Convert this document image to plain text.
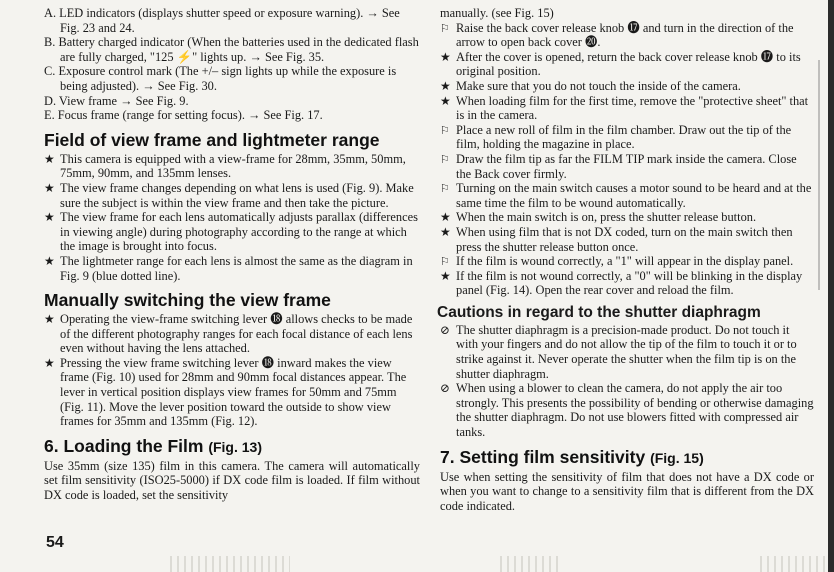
A. LED indicators (displays shutter speed or exposure warning). → See Fig. 23 and 24.
B. Battery charged indicator (When the batteries used in the dedicated flash are fully charged, "125 ⚡" lights up. → See Fig. 35.
C. Exposure control mark (The +/– sign lights up while the exposure is being adjusted). → See Fig. 30.
D. View frame → See Fig. 9.
E. Focus frame (range for setting focus). → See Fig. 17.
Field of view frame and lightmeter range
★
This camera is equipped with a view-frame for 28mm, 35mm, 50mm, 75mm, 90mm, and 135mm lenses.
★
The view frame changes depending on what lens is used (Fig. 9). Make sure the subject is within the view frame and then take the picture.
★
The view frame for each lens automatically adjusts parallax (differences in viewing angle) during photography according to the range at which the image is brought into focus.
★
The lightmeter range for each lens is almost the same as the diagram in Fig. 9 (blue dotted line).
Manually switching the view frame
★
Operating the view-frame switching lever ⓲ allows checks to be made of the different photography ranges for each focal distance of each lens even without having the lens attached.
★
Pressing the view frame switching lever ⓲ inward makes the view frame (Fig. 10) used for 28mm and 90mm focal distances appear. The lever in vertical position displays view frames for 50mm and 75mm (Fig. 11). Move the lever position toward the outside to show view frames for 35mm and 135mm (Fig. 12).
6. Loading the Film (Fig. 13)

Use 35mm (size 135) film in this camera. The camera will automatically set film sensitivity (ISO25-5000) if DX code film is loaded. If film without DX code is loaded, set the sensitivity

54

manually. (see Fig. 15)

⚐
Raise the back cover release knob ⓱ and turn in the direction of the arrow to open back cover ⓴.
★
After the cover is opened, return the back cover release knob ⓱ to its original position.
★
Make sure that you do not touch the inside of the camera.
★
When loading film for the first time, remove the "protective sheet" that is in the camera.
⚐
Place a new roll of film in the film chamber. Draw out the tip of the film, holding the magazine in place.
⚐
Draw the film tip as far the FILM TIP mark inside the camera. Close the Back cover firmly.
⚐
Turning on the main switch causes a motor sound to be heard and at the same time the film to be wound automatically.
★
When the main switch is on, press the shutter release button.
★
When using film that is not DX coded, turn on the main switch then press the shutter release button once.
⚐
If the film is wound correctly, a "1" will appear in the display panel.
★
If the film is not wound correctly, a "0" will be blinking in the display panel (Fig. 14). Open the rear cover and reload the film.
Cautions in regard to the shutter diaphragm
⊘
The shutter diaphragm is a precision-made product. Do not touch it with your fingers and do not allow the tip of the film to touch it or to strike against it. Never operate the shutter when the film tip is on the shutter diaphragm.
⊘
When using a blower to clean the camera, do not apply the air too strongly. This presents the possibility of bending or otherwise damaging the shutter diaphragm. Do not use blowers fitted with compressed air tanks.
7. Setting film sensitivity (Fig. 15)

Use when setting the sensitivity of film that does not have a DX code or when you want to change to a sensitivity film that is different from the DX code indicated.
